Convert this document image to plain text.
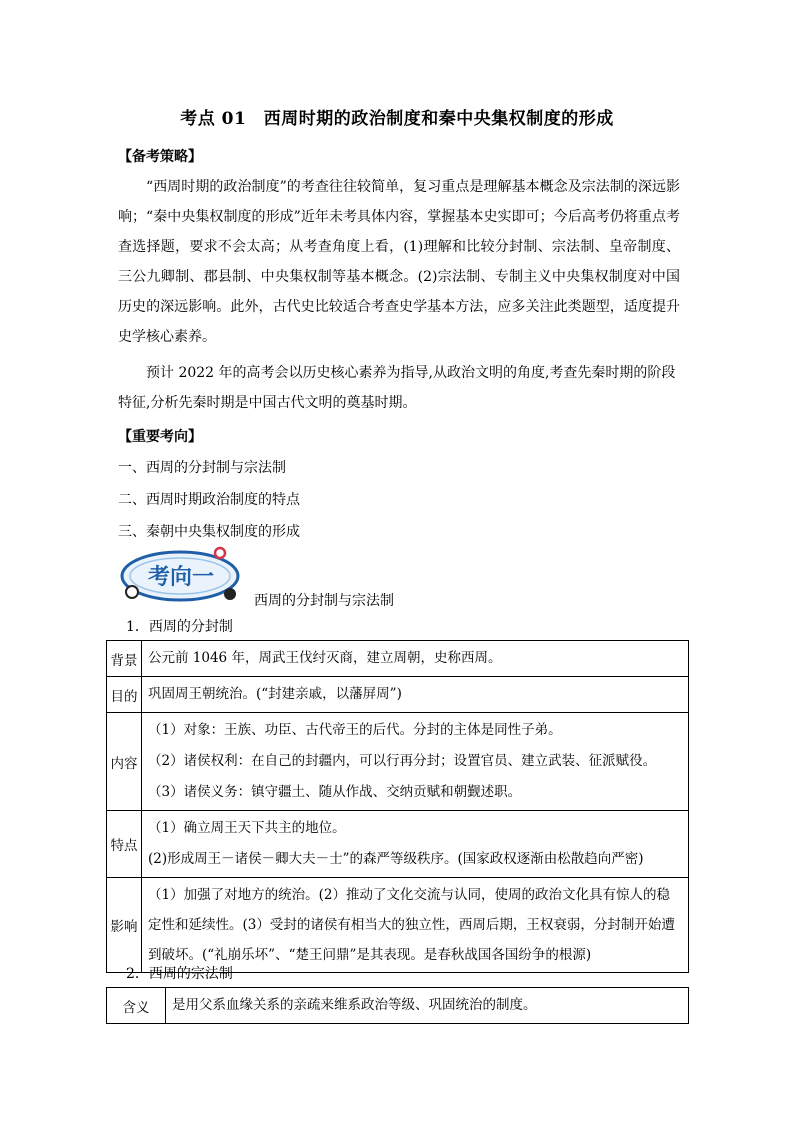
考点 01　西周时期的政治制度和秦中央集权制度的形成
【备考策略】
“西周时期的政治制度”的考查往往较简单，复习重点是理解基本概念及宗法制的深远影响；“秦中央集权制度的形成”近年未考具体内容，掌握基本史实即可；今后高考仍将重点考查选择题，要求不会太高；从考查角度上看，(1)理解和比较分封制、宗法制、皇帝制度、三公九卿制、郡县制、中央集权制等基本概念。(2)宗法制、专制主义中央集权制度对中国历史的深远影响。此外，古代史比较适合考查史学基本方法，应多关注此类题型，适度提升史学核心素养。
预计 2022 年的高考会以历史核心素养为指导,从政治文明的角度,考查先秦时期的阶段特征,分析先秦时期是中国古代文明的奠基时期。
【重要考向】
一、西周的分封制与宗法制
二、西周时期政治制度的特点
三、秦朝中央集权制度的形成
考向一
西周的分封制与宗法制
1．西周的分封制
背景	公元前 1046 年，周武王伐纣灭商，建立周朝，史称西周。
目的	巩固周王朝统治。(“封建亲戚，以藩屏周”)
内容	（1）对象：王族、功臣、古代帝王的后代。分封的主体是同性子弟。

（2）诸侯权利：在自己的封疆内，可以行再分封；设置官员、建立武装、征派赋役。

（3）诸侯义务：镇守疆土、随从作战、交纳贡赋和朝觐述职。

特点	（1）确立周王天下共主的地位。

(2)形成周王－诸侯－卿大夫－士”的森严等级秩序。(国家政权逐渐由松散趋向严密)

影响	（1）加强了对地方的统治。(2）推动了文化交流与认同，使周的政治文化具有惊人的稳定性和延续性。(3）受封的诸侯有相当大的独立性，西周后期，王权衰弱，分封制开始遭到破坏。(“礼崩乐坏”、“楚王问鼎”是其表现。是春秋战国各国纷争的根源)
2．西周的宗法制
含义	是用父系血缘关系的亲疏来维系政治等级、巩固统治的制度。
